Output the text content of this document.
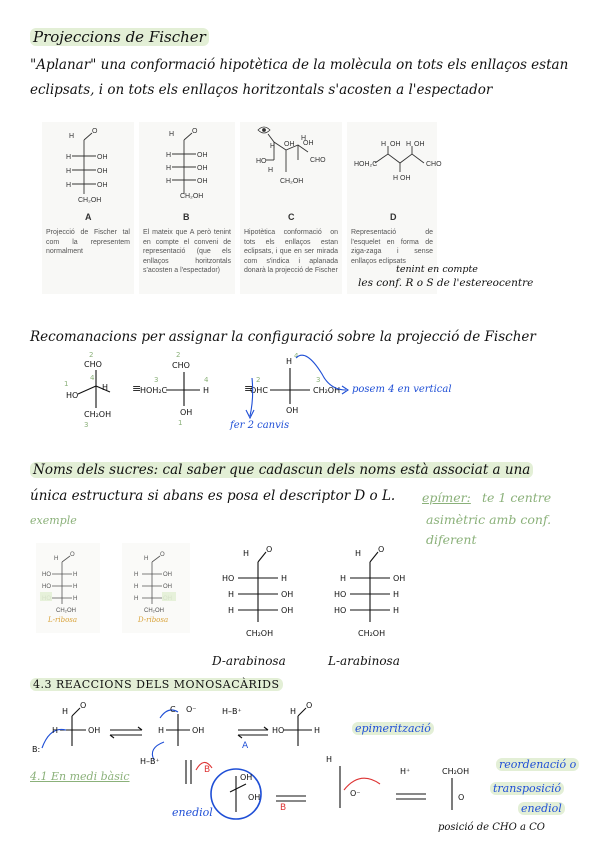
Projeccions de Fischer
"Aplanar" una conformació hipotètica de la molècula on tots els enllaços estan
eclipsats, i on tots els enllaços horitzontals s'acosten a l'espectador
A	B	C	D
Projecció de Fischer tal com la representem normalment
El mateix que A però tenint en compte el conveni de representació (que els enllaços horitzontals s'acosten a l'espectador)
Hipotètica conformació on tots els enllaços estan eclipsats, i que en ser mirada com s'indica i aplanada donarà la projecció de Fischer
Representació de l'esquelet en forma de ziga-zaga i sense enllaços eclipsats
tenint en compte
les conf. R o S de l'estereocentre
H
O
H	OH
H	OH
H	OH
CH₂OH
H	O
H	OH
H	OH
H	OH
CH₂OH
H OH
H
OH
CHO
HO
H
CH₂OH
H OH H OH
HOH₂C	CHO
H OH
Recomanacions per assignar la configuració sobre la projecció de Fischer
CHO
HO
H
CH₂OH
≡
CHO
HOH₂C	H
OH
≡
H
OHC	CH₂OH
OH
2
1
4
3
2
3	4
1
4
2	3
posem 4 en vertical
fer 2 canvis
Noms dels sucres: cal saber que cadascun dels noms està associat a una
única estructura si abans es posa el descriptor D o L. epímer: te 1 centre
asimètric amb conf.
diferent
exemple
L-ribosa	D-ribosa
H
O
HO	H
HO	H
H
CH₂OH
H
O
H	OH
H	OH
H
CH₂OH
H O
HO	H
H	OH
H	OH
CH₂OH
H O
H	OH
HO	H
HO	H
CH₂OH
D-arabinosa	L-arabinosa
4.3 REACCIONS DELS MONOSACÀRIDS
4.1 En medi bàsic
epimerització
enediol
reordenació o
transposició
enediol
posició de CHO a CO
H
O
H	OH
B:
C O⁻
H	OH
H–B⁺
H–B⁺
H
O
HO	H
OH
OH
H
O⁻
H⁺	CH₂OH
O
A
B
B
